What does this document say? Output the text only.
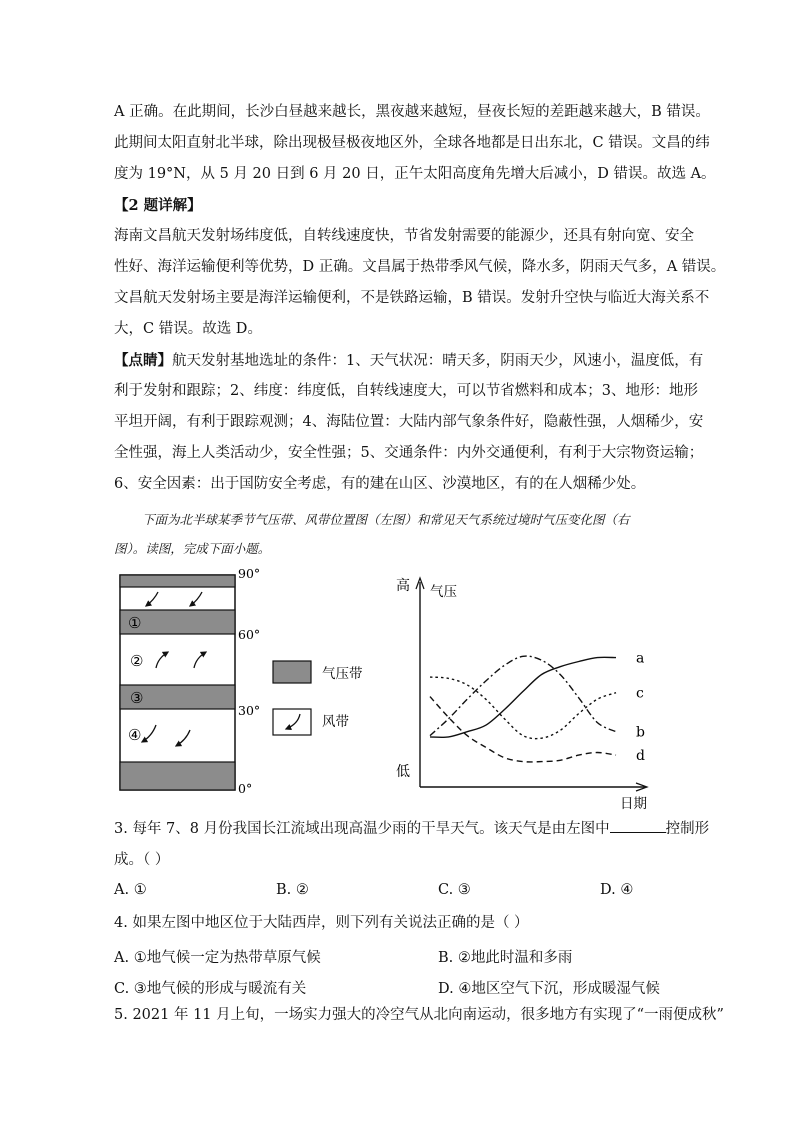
A 正确。在此期间，长沙白昼越来越长，黑夜越来越短，昼夜长短的差距越来越大，B 错误。
此期间太阳直射北半球，除出现极昼极夜地区外，全球各地都是日出东北，C 错误。文昌的纬
度为 19°N，从 5 月 20 日到 6 月 20 日，正午太阳高度角先增大后减小，D 错误。故选 A。
【2 题详解】
海南文昌航天发射场纬度低，自转线速度快，节省发射需要的能源少，还具有射向宽、安全
性好、海洋运输便利等优势，D 正确。文昌属于热带季风气候，降水多，阴雨天气多，A 错误。
文昌航天发射场主要是海洋运输便利，不是铁路运输，B 错误。发射升空快与临近大海关系不
大，C 错误。故选 D。
【点睛】航天发射基地选址的条件：1、天气状况：晴天多，阴雨天少，风速小，温度低，有
利于发射和跟踪；2、纬度：纬度低，自转线速度大，可以节省燃料和成本；3、地形：地形
平坦开阔，有利于跟踪观测；4、海陆位置：大陆内部气象条件好，隐蔽性强，人烟稀少，安
全性强，海上人类活动少，安全性强；5、交通条件：内外交通便利，有利于大宗物资运输；
6、安全因素：出于国防安全考虑，有的建在山区、沙漠地区，有的在人烟稀少处。
下面为北半球某季节气压带、风带位置图（左图）和常见天气系统过境时气压变化图（右
图）。读图，完成下面小题。
①
②
③
④
90°
60°
30°
0°
气压带
风带
高 气压
低
日期
a
b
c
d
3. 每年 7、8 月份我国长江流域出现高温少雨的干旱天气。该天气是由左图中	控制形
成。（ ）
A. ①	B. ②	C. ③	D. ④
4. 如果左图中地区位于大陆西岸，则下列有关说法正确的是（ ）
A. ①地气候一定为热带草原气候	B. ②地此时温和多雨
C. ③地气候的形成与暖流有关	D. ④地区空气下沉，形成暖湿气候
5. 2021 年 11 月上旬，一场实力强大的冷空气从北向南运动，很多地方有实现了“一雨便成秋”
